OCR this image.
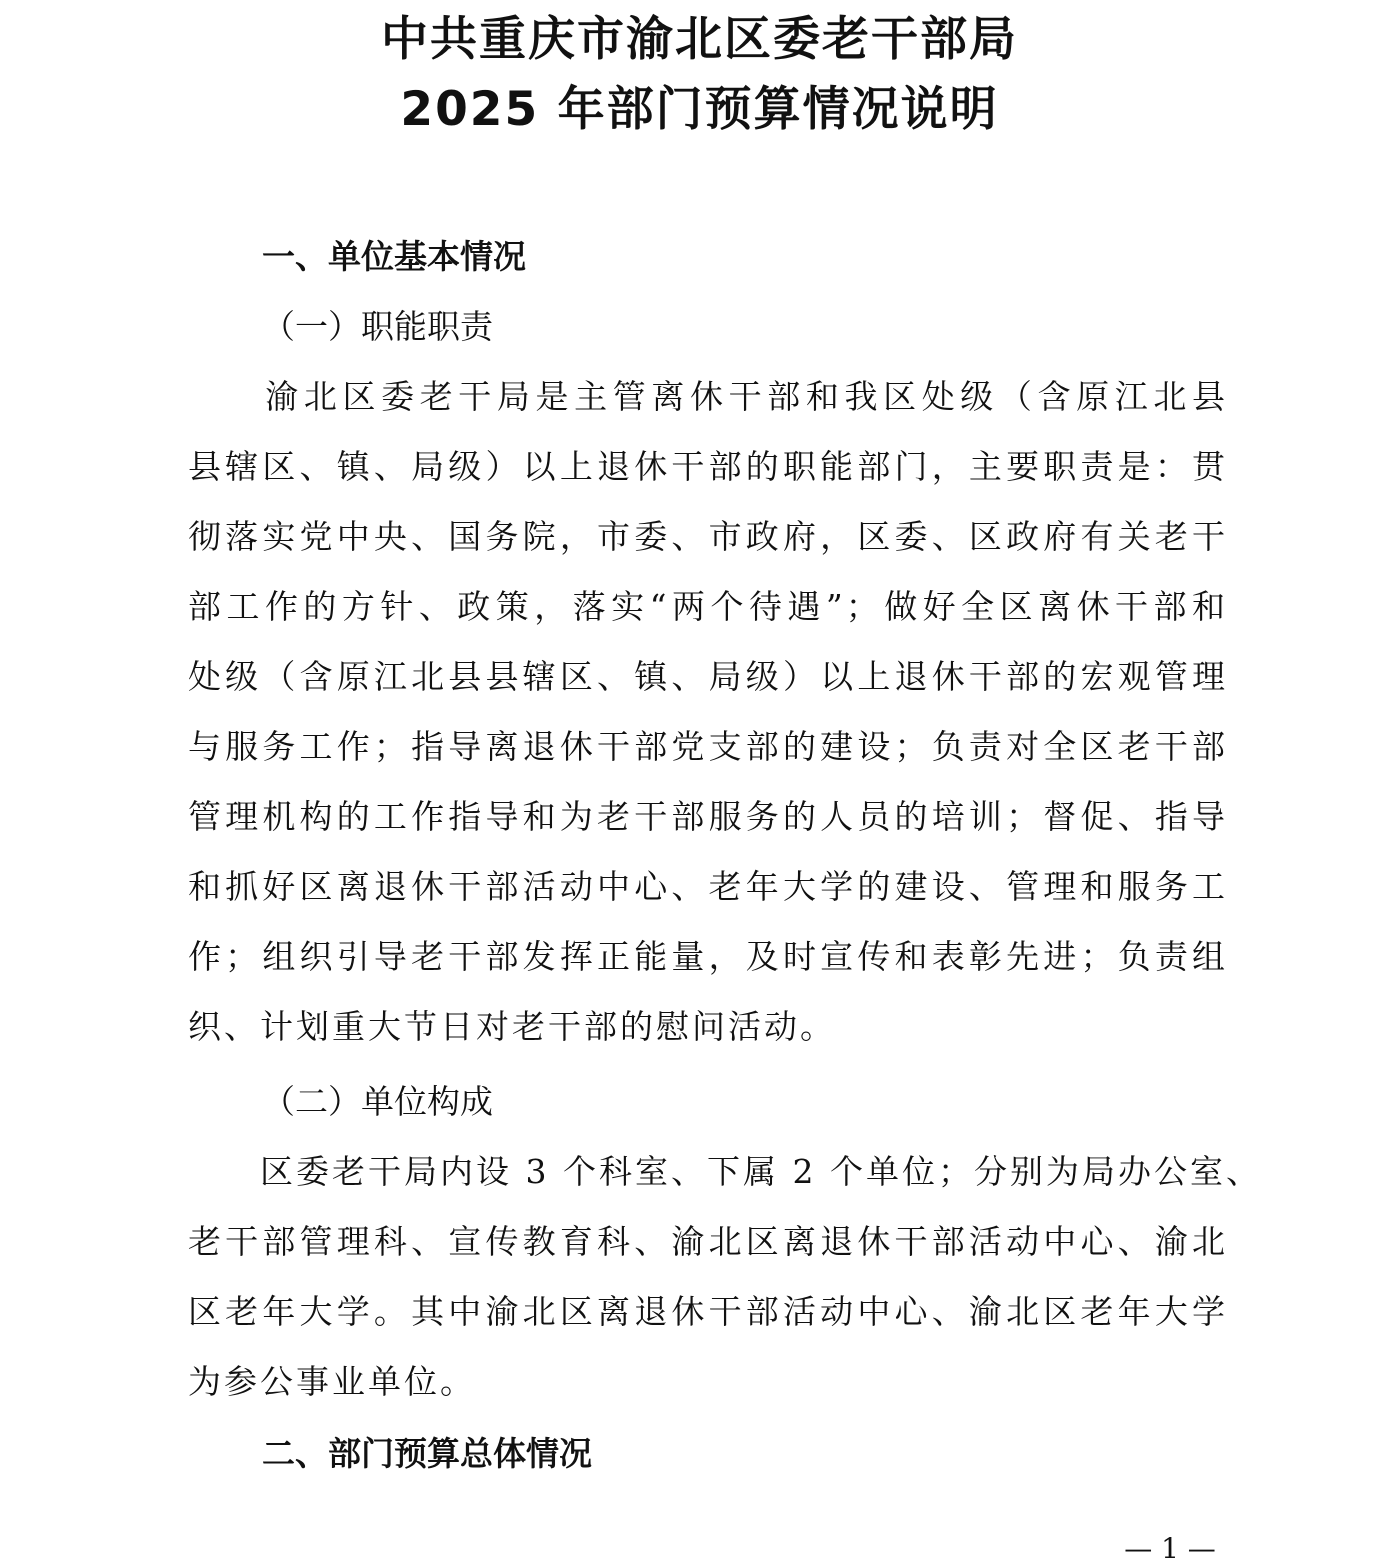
中共重庆市渝北区委老干部局
2025 年部门预算情况说明
一、单位基本情况
（一）职能职责
　　渝北区委老干局是主管离休干部和我区处级（含原江北县
县辖区、镇、局级）以上退休干部的职能部门，主要职责是：贯
彻落实党中央、国务院，市委、市政府，区委、区政府有关老干
部工作的方针、政策，落实“两个待遇”；做好全区离休干部和
处级（含原江北县县辖区、镇、局级）以上退休干部的宏观管理
与服务工作；指导离退休干部党支部的建设；负责对全区老干部
管理机构的工作指导和为老干部服务的人员的培训；督促、指导
和抓好区离退休干部活动中心、老年大学的建设、管理和服务工
作；组织引导老干部发挥正能量，及时宣传和表彰先进；负责组
织、计划重大节日对老干部的慰问活动。
（二）单位构成
　　区委老干局内设 3 个科室、下属 2 个单位；分别为局办公室、
老干部管理科、宣传教育科、渝北区离退休干部活动中心、渝北
区老年大学。其中渝北区离退休干部活动中心、渝北区老年大学
为参公事业单位。
二、部门预算总体情况
— 1 —
